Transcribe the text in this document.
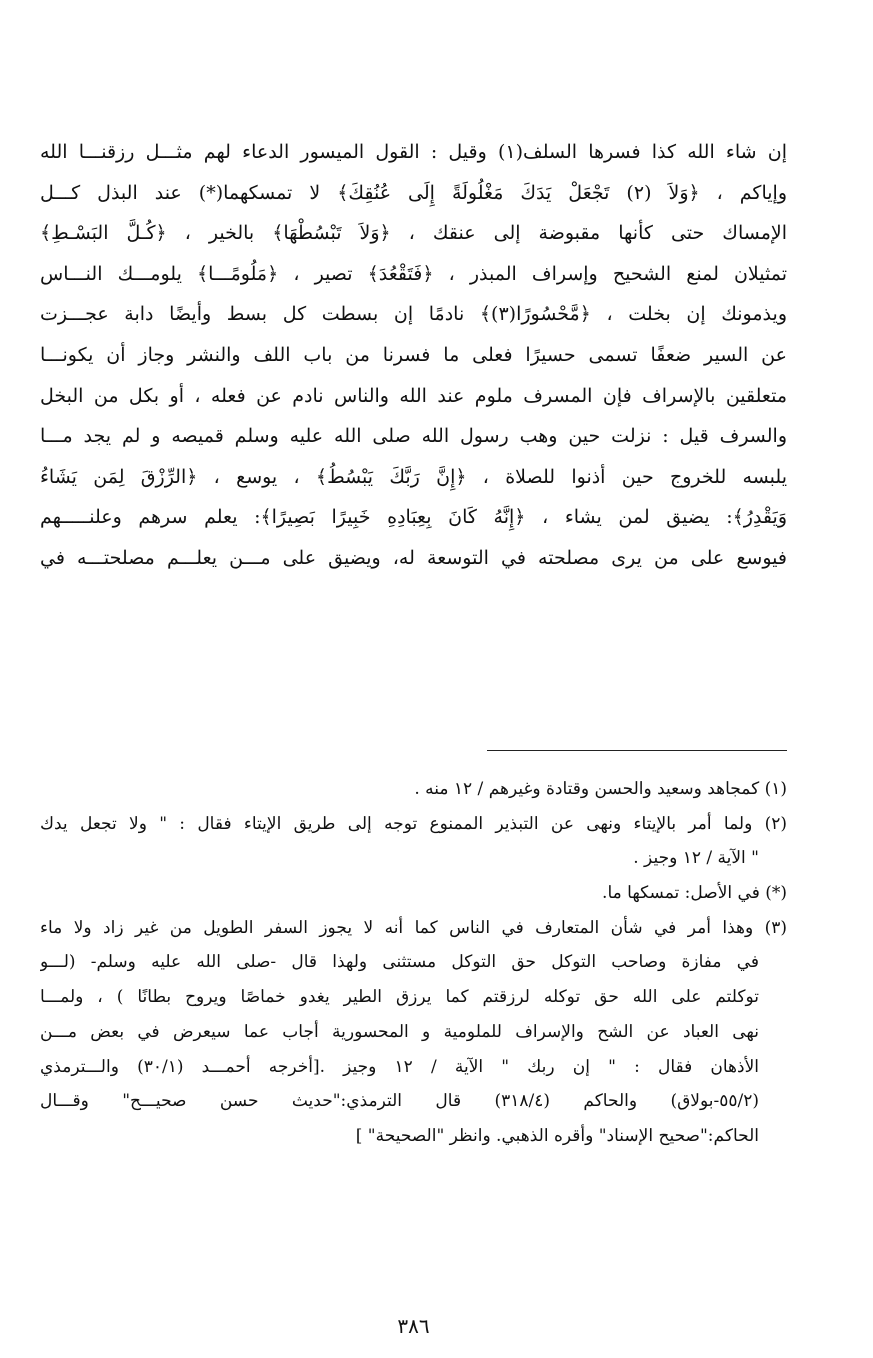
إن شاء الله كذا فسرها السلف(١) وقيل : القول الميسور الدعاء لهم مثـــل رزقنـــا الله
وإياكم ، ﴿وَلاَ (٢) تَجْعَلْ يَدَكَ مَغْلُولَةً إِلَى عُنُقِكَ﴾ لا تمسكهما(*) عند البذل كـــل
الإمساك حتى كأنها مقبوضة إلى عنقك ، ﴿وَلاَ تَبْسُطْهَا﴾ بالخير ، ﴿كُـلَّ البَسْـطِ﴾
تمثيلان لمنع الشحيح وإسراف المبذر ، ﴿فَتَقْعُدَ﴾ تصير ، ﴿مَلُومًـــا﴾ يلومـــك النـــاس
ويذمونك إن بخلت ، ﴿مَّحْسُورًا(٣)﴾ نادمًا إن بسطت كل بسط وأيضًا دابة عجـــزت
عن السير ضعفًا تسمى حسيرًا فعلى ما فسرنا من باب اللف والنشر وجاز أن يكونـــا
متعلقين بالإسراف فإن المسرف ملوم عند الله والناس نادم عن فعله ، أو بكل من البخل
والسرف قيل : نزلت حين وهب رسول الله صلى الله عليه وسلم قميصه و لم يجد مـــا
يلبسه للخروج حين أذنوا للصلاة ، ﴿إِنَّ رَبَّكَ يَبْسُطُ﴾ ، يوسع ، ﴿الرِّزْقَ لِمَن يَشَاءُ
وَيَقْدِرُ﴾: يضيق لمن يشاء ، ﴿إِنَّهُ كَانَ بِعِبَادِهِ خَبِيرًا بَصِيرًا﴾: يعلم سرهم وعلنـــــهم
فيوسع على من يرى مصلحته في التوسعة له، ويضيق على مـــن يعلـــم مصلحتـــه في
(١) كمجاهد وسعيد والحسن وقتادة وغيرهم / ١٢ منه .
(٢) ولما أمر بالإيتاء ونهى عن التبذير الممنوع توجه إلى طريق الإيتاء فقال : " ولا تجعل يدك
" الآية / ١٢ وجيز .
(*) في الأصل: تمسكها ما.
(٣) وهذا أمر في شأن المتعارف في الناس كما أنه لا يجوز السفر الطويل من غير زاد ولا ماء
في مفازة وصاحب التوكل حق التوكل مستثنى ولهذا قال -صلى الله عليه وسلم- (لـــو
توكلتم على الله حق توكله لرزقتم كما يرزق الطير يغدو خماصًا ويروح بطانًا ) ، ولمـــا
نهى العباد عن الشح والإسراف للملومية و المحسورية أجاب عما سيعرض في بعض مـــن
الأذهان فقال : " إن ربك " الآية / ١٢ وجيز .[أخرجه أحمـــد (٣٠/١) والـــترمذي
(٥٥/٢-بولاق) والحاكم (٣١٨/٤) قال الترمذي:"حديث حسن صحيـــح" وقـــال
الحاكم:"صحيح الإسناد" وأقره الذهبي. وانظر "الصحيحة" ]
٣٨٦
